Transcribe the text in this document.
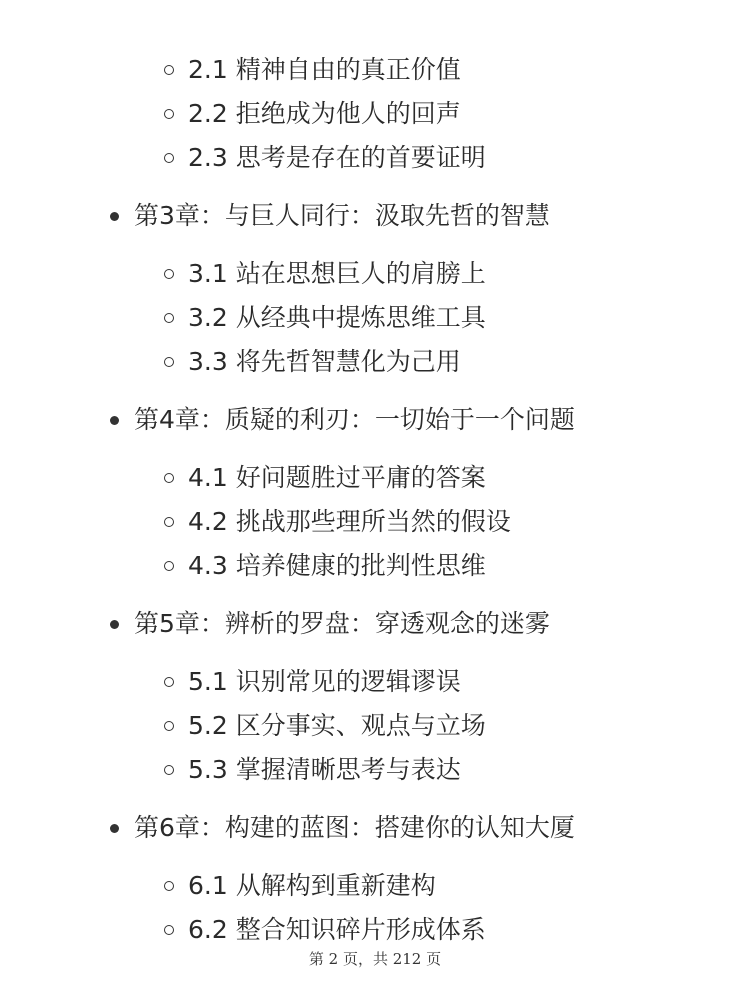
2.1 精神自由的真正价值
2.2 拒绝成为他人的回声
2.3 思考是存在的首要证明
第3章：与巨人同行：汲取先哲的智慧
3.1 站在思想巨人的肩膀上
3.2 从经典中提炼思维工具
3.3 将先哲智慧化为己用
第4章：质疑的利刃：一切始于一个问题
4.1 好问题胜过平庸的答案
4.2 挑战那些理所当然的假设
4.3 培养健康的批判性思维
第5章：辨析的罗盘：穿透观念的迷雾
5.1 识别常见的逻辑谬误
5.2 区分事实、观点与立场
5.3 掌握清晰思考与表达
第6章：构建的蓝图：搭建你的认知大厦
6.1 从解构到重新建构
6.2 整合知识碎片形成体系
第 2 页，共 212 页
